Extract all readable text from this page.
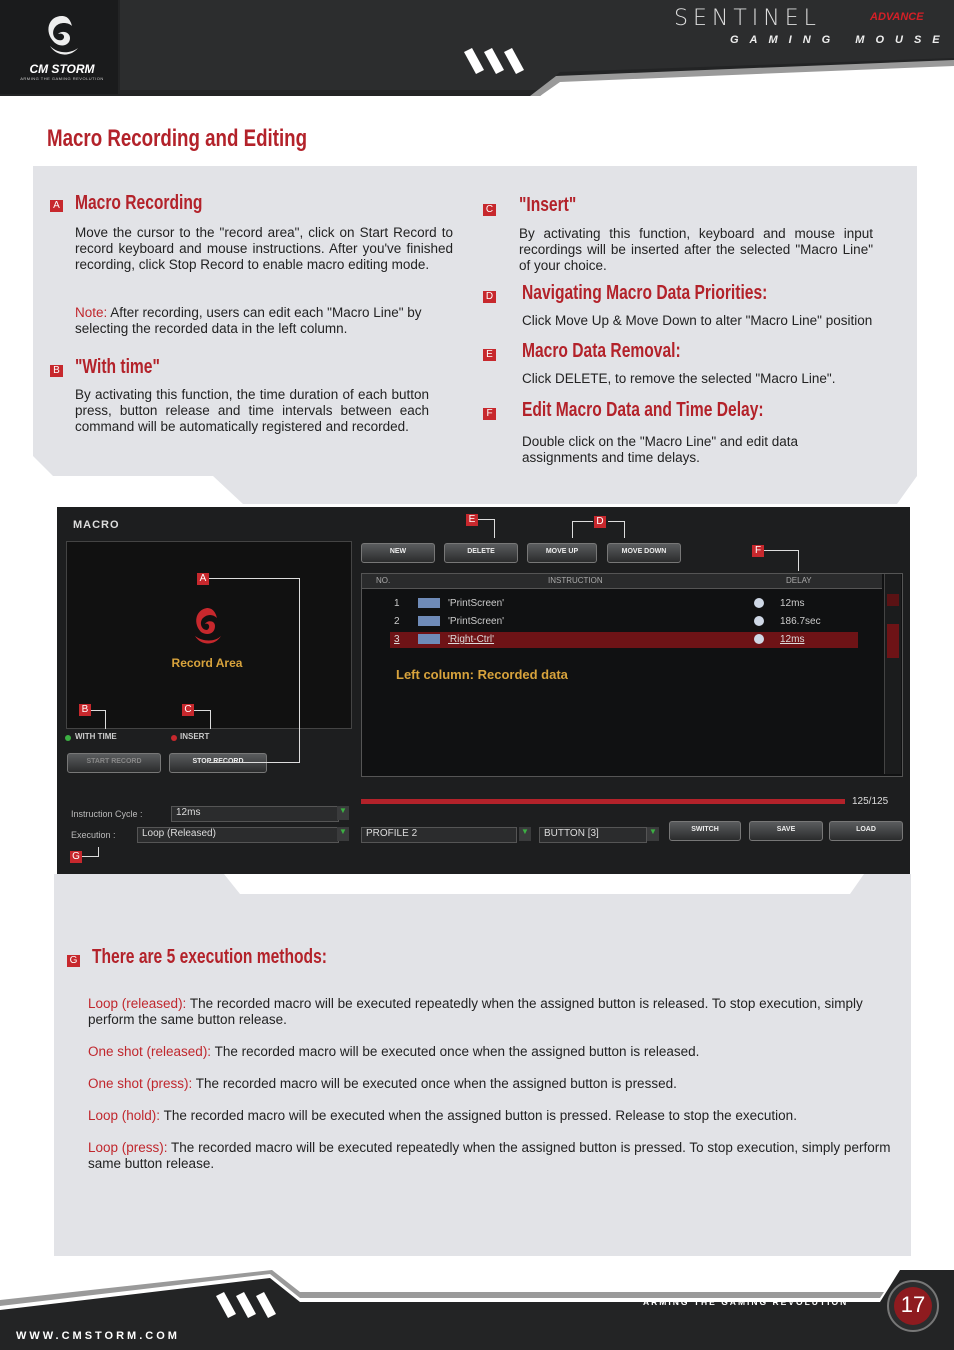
CM STORM
ARMING THE GAMING REVOLUTION
SENTINEL	ADVANCE
GAMING MOUSE
Macro Recording and Editing
A Macro Recording
Move the cursor to the "record area", click on Start Record to record keyboard and mouse instructions. After you've finished recording, click Stop Record to enable macro editing mode.
Note: After recording, users can edit each "Macro Line" by selecting the recorded data in the left column.
B "With time"
By activating this function, the time duration of each button press, button release and time intervals between each command will be automatically registered and recorded.
C "Insert"
By activating this function, keyboard and mouse input recordings will be inserted after the selected "Macro Line" of your choice.
D Navigating Macro Data Priorities:
Click Move Up & Move Down to alter "Macro Line" position
E Macro Data Removal:
Click DELETE, to remove the selected "Macro Line".
F Edit Macro Data and Time Delay:
Double click on the "Macro Line" and edit data assignments and time delays.
MACRO
Record Area
NEW	DELETE	MOVE UP	MOVE DOWN
NO.	INSTRUCTION	DELAY
1	'PrintScreen'	12ms
2	'PrintScreen'	186.7sec
3	'Right-Ctrl'	12ms
Left column: Recorded data
125/125
WITH TIME	INSERT
START RECORD	STOP RECORD
Instruction Cycle :	12ms	▼
Execution :	Loop (Released)	▼	PROFILE 2	▼	BUTTON [3]	▼	SWITCH	SAVE	LOAD
A
B	C
E	D
F
G
G There are 5 execution methods:
Loop (released): The recorded macro will be executed repeatedly when the assigned button is released. To stop execution, simply perform the same button release.
One shot (released): The recorded macro will be executed once when the assigned button is released.
One shot (press): The recorded macro will be executed once when the assigned button is pressed.
Loop (hold): The recorded macro will be executed when the assigned button is pressed. Release to stop the execution.
Loop (press): The recorded macro will be executed repeatedly when the assigned button is pressed. To stop execution, simply perform same button release.
ARMING THE GAMING REVOLUTION
WWW.CMSTORM.COM
17
